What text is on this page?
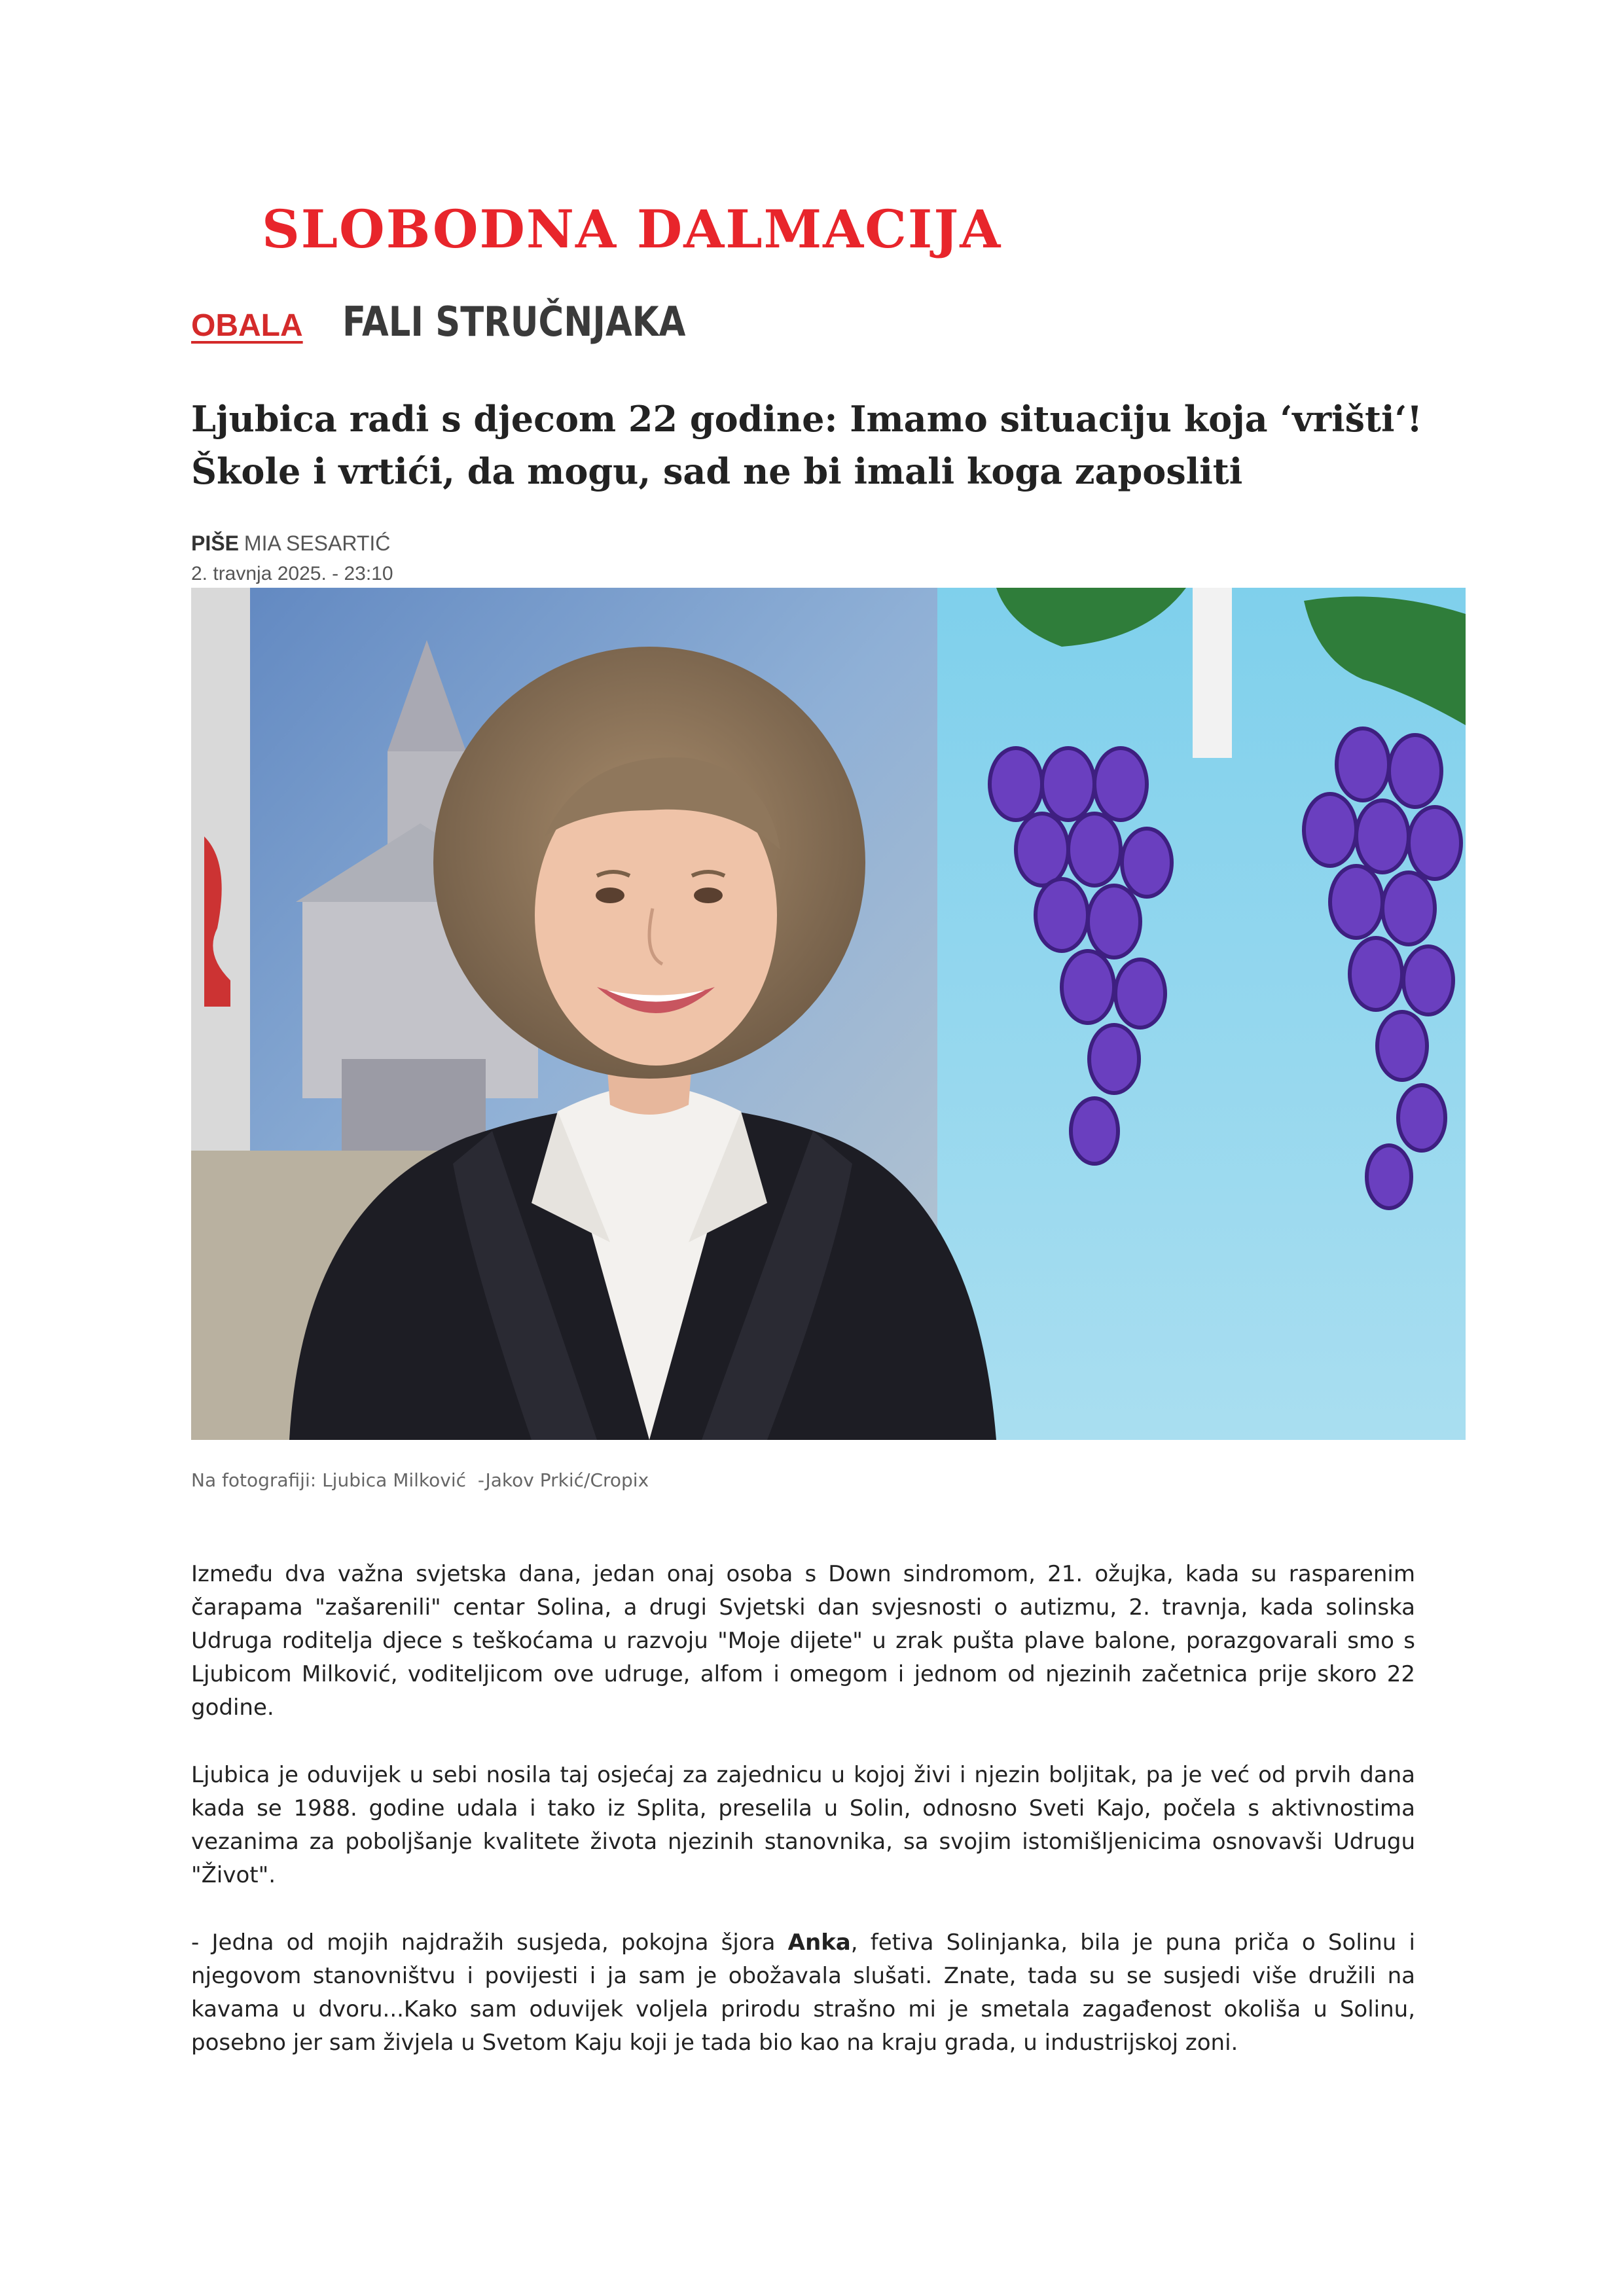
SLOBODNA DALMACIJA
OBALA FALI STRUČNJAKA
Ljubica radi s djecom 22 godine: Imamo situaciju koja ‘vrišti‘! Škole i vrtići, da mogu, sad ne bi imali koga zaposliti
PIŠE MIA SESARTIĆ
2. travnja 2025. - 23:10
Na fotografiji: Ljubica Milković  -Jakov Prkić/Cropix

Između dva važna svjetska dana, jedan onaj osoba s Down sindromom, 21. ožujka, kada su rasparenim čarapama "zašarenili" centar Solina, a drugi Svjetski dan svjesnosti o autizmu, 2. travnja, kada solinska Udruga roditelja djece s teškoćama u razvoju "Moje dijete" u zrak pušta plave balone, porazgovarali smo s Ljubicom Milković, voditeljicom ove udruge, alfom i omegom i jednom od njezinih začetnica prije skoro 22 godine.

Ljubica je oduvijek u sebi nosila taj osjećaj za zajednicu u kojoj živi i njezin boljitak, pa je već od prvih dana kada se 1988. godine udala i tako iz Splita, preselila u Solin, odnosno Sveti Kajo, počela s aktivnostima vezanima za poboljšanje kvalitete života njezinih stanovnika, sa svojim istomišljenicima osnovavši Udrugu "Život".

- Jedna od mojih najdražih susjeda, pokojna šjora Anka, fetiva Solinjanka, bila je puna priča o Solinu i njegovom stanovništvu i povijesti i ja sam je obožavala slušati. Znate, tada su se susjedi više družili na kavama u dvoru...Kako sam oduvijek voljela prirodu strašno mi je smetala zagađenost okoliša u Solinu, posebno jer sam živjela u Svetom Kaju koji je tada bio kao na kraju grada, u industrijskoj zoni.
